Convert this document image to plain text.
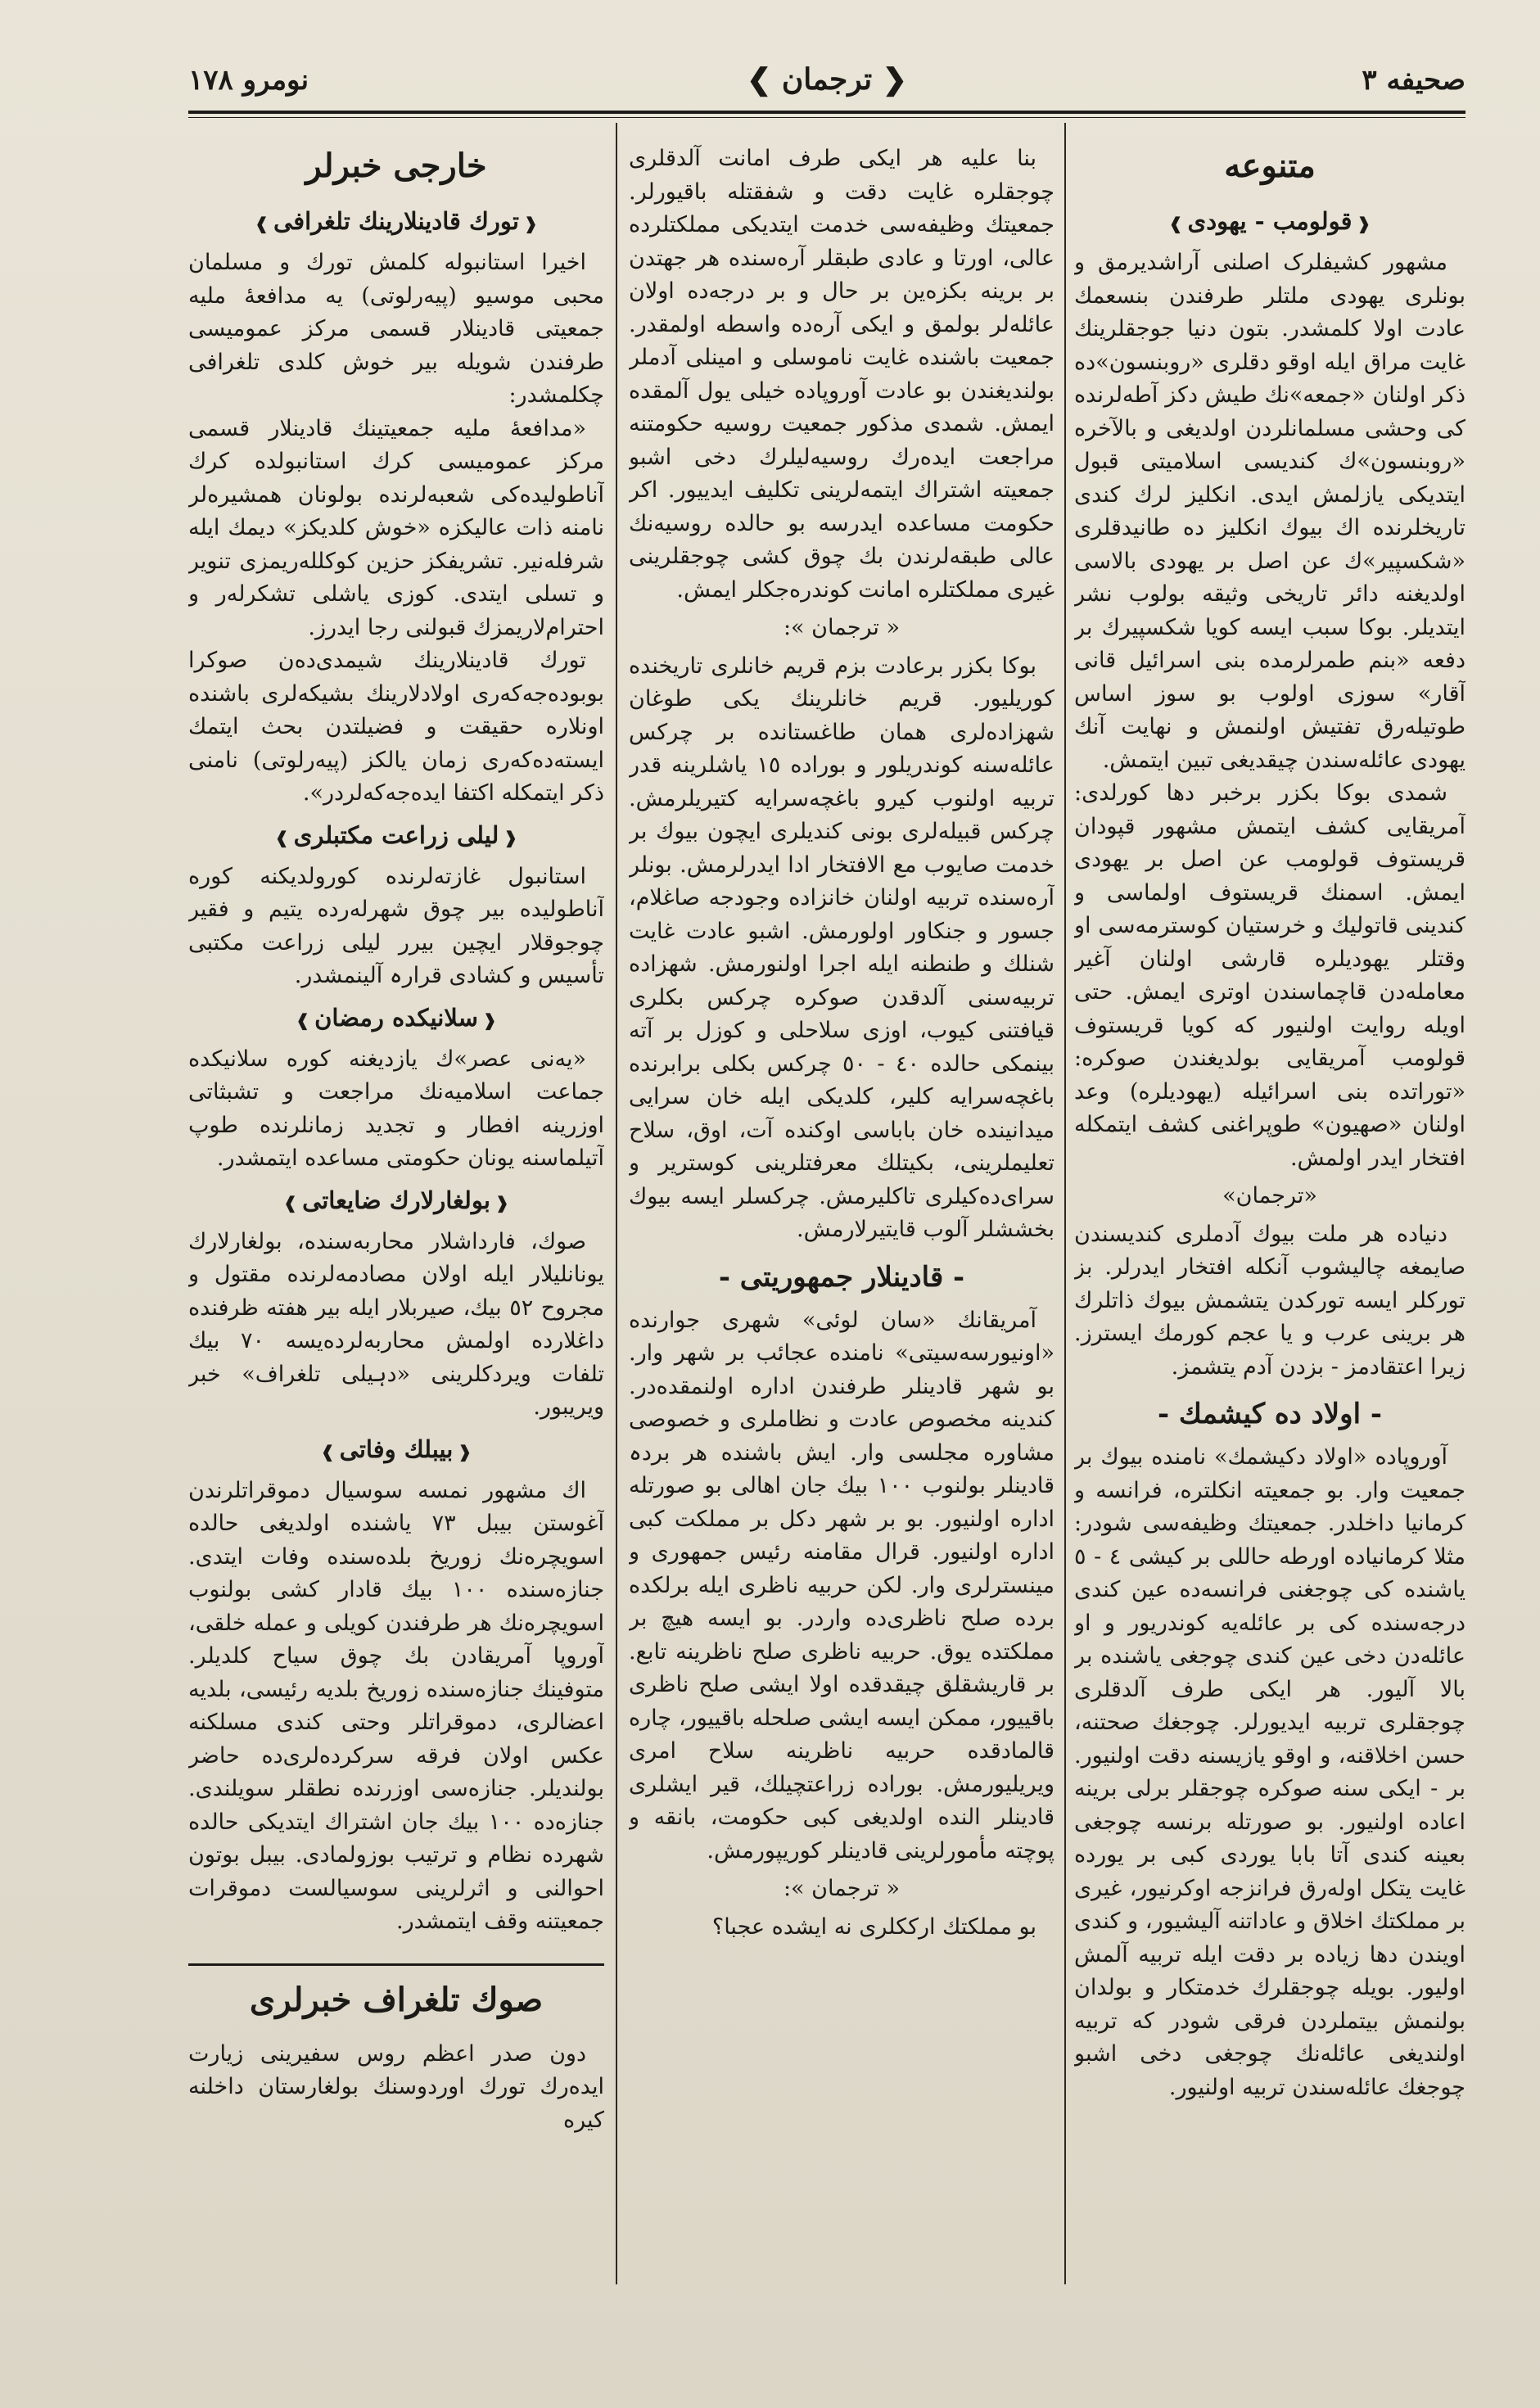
صحیفه ٣
❮ ترجمان ❯
نومرو ١٧٨
متنوعه
❰قولومب - یهودی❱

مشهور کشیفلرک اصلنی آراشدیرمق و بونلری یهودی ملتلر طرفندن بنسعمك عادت اولا کلمشدر. بتون دنیا جوجقلرینك غایت مراق ایله اوقو دقلری «روبنسون»ده ذکر اولنان «جمعه»نك طیش دکز آطه‌لرنده کی وحشی مسلمانلردن اولدیغی و بالآخره «روبنسون»ك کندیسی اسلامیتی قبول ایتدیکی یازلمش ایدی. انکلیز لرك کندی تاریخلرنده اك بیوك انکلیز ده طانیدقلری «شکسپیر»ك عن اصل بر یهودی بالاسی اولدیغنه دائر تاریخی وثیقه بولوب نشر ایتدیلر. بوکا سبب ایسه کویا شکسپیرك بر دفعه «بنم طمرلرمده بنی اسرائیل قانی آقار» سوزی اولوب بو سوز اساس طوتیله‌رق تفتیش اولنمش و نهایت آنك یهودی عائله‌سندن چیقدیغی تبین ایتمش.

شمدی بوکا بکزر برخبر دها کورلدی: آمریقایی کشف ایتمش مشهور قپودان قریستوف قولومب عن اصل بر یهودی ایمش. اسمنك قریستوف اولماسی و کندینی قاتولیك و خرستیان کوسترمه‌سی او وقتلر یهودیلره قارشی اولنان آغیر معامله‌دن قاچماسندن اوتری ایمش. حتی اویله روایت اولنیور که کویا قریستوف قولومب آمریقایی بولدیغندن صوکره: «توراتده بنی اسرائیله (یهودیلره) وعد اولنان «صهیون» طوپراغنی کشف ایتمکله افتخار ایدر اولمش.

«ترجمان»

دنیاده هر ملت بیوك آدملری کندیسندن صایمغه چالیشوب آنکله افتخار ایدرلر. بز تورکلر ایسه تورکدن یتشمش بیوك ذاتلرك هر برینی عرب و یا عجم کورمك ایسترز. زیرا اعتقادمز - بزدن آدم یتشمز.

- اولاد ده کیشمك -

آوروپاده «اولاد دکیشمك» نامنده بیوك بر جمعیت وار. بو جمعیته انکلتره، فرانسه و کرمانیا داخلدر. جمعیتك وظیفه‌سی شودر: مثلا کرمانیاده اورطه حاللی بر کیشی ٤ - ٥ یاشنده کی چوجغنی فرانسه‌ده عین کندی درجه‌سنده کی بر عائله‌یه کوندریور و او عائله‌دن دخی عین کندی چوجغی یاشنده بر بالا آلیور. هر ایکی طرف آلدقلری چوجقلری تربیه ایدیورلر. چوجغك صحتنه، حسن اخلاقنه، و اوقو یازیسنه دقت اولنیور. بر - ایکی سنه صوکره چوجقلر برلی برینه اعاده اولنیور. بو صورتله برنسه چوجغی بعینه کندی آتا بابا یوردی کبی بر یورده غایت یتکل اوله‌رق فرانزجه اوکرنیور، غیری بر مملکتك اخلاق و عاداتنه آلیشیور، و کندی اویندن دها زیاده بر دقت ایله تربیه آلمش اولیور. بویله چوجقلرك خدمتکار و بولدان بولنمش بیتملردن فرقی شودر که تربیه اولندیغی عائله‌نك چوجغی دخی اشبو چوجغك عائله‌سندن تربیه اولنیور.

بنا علیه هر ایکی طرف امانت آلدقلری چوجقلره غایت دقت و شفقتله باقیورلر. جمعیتك وظیفه‌سی خدمت ایتدیکی مملکتلرده عالی، اورتا و عادی طبقلر آره‌سنده هر جهتدن بر برینه بکزه‌ین بر حال و بر درجه‌ده اولان عائله‌لر بولمق و ایکی آره‌ده واسطه اولمقدر. جمعیت باشنده غایت ناموسلی و امینلی آدملر بولندیغندن بو عادت آوروپاده خیلی یول آلمقده ایمش. شمدی مذکور جمعیت روسیه حکومتنه مراجعت ایده‌رك روسیه‌لیلرك دخی اشبو جمعیته اشتراك ایتمه‌لرینی تکلیف ایدییور. اکر حکومت مساعده ایدرسه بو حالده روسیه‌نك عالی طبقه‌لرندن بك چوق کشی چوجقلرینی غیری مملکتلره امانت کوندره‌جکلر ایمش.

« ترجمان »:

بوکا بکزر برعادت بزم قریم خانلری تاریخنده کوریلیور. قریم خانلرینك یکی طوغان شهزاده‌لری همان طاغستانده بر چرکس عائله‌سنه کوندریلور و بوراده ١٥ یاشلرینه قدر تربیه اولنوب کیرو باغچه‌سرایه کتیریلرمش. چرکس قبیله‌لری بونی کندیلری ایچون بیوك بر خدمت صایوب مع الافتخار ادا ایدرلرمش. بونلر آره‌سنده تربیه اولنان خانزاده وجودجه صاغلام، جسور و جنکاور اولورمش. اشبو عادت غایت شنلك و طنطنه ایله اجرا اولنورمش. شهزاده تربیه‌سنی آلدقدن صوکره چرکس بکلری قیافتنی کیوب، اوزی سلاحلی و کوزل بر آته بینمکی حالده ٤٠ - ٥٠ چرکس بکلی برابرنده باغچه‌سرایه کلیر، کلدیکی ایله خان سرایی میدانینده خان باباسی اوکنده آت، اوق، سلاح تعلیملرینی، بکیتلك معرفتلرینی کوستریر و سرای‌ده‌کیلری تاکلیرمش. چرکسلر ایسه بیوك بخششلر آلوب قایتیرلارمش.

- قادینلار جمهوریتی -

آمریقانك «سان لوئی» شهری جوارنده «اونیورسه‌سیتی» نامنده عجائب بر شهر وار. بو شهر قادینلر طرفندن اداره اولنمقده‌در. کندینه مخصوص عادت و نظاملری و خصوصی مشاوره مجلسی وار. ایش باشنده هر بردہ قادینلر بولنوب ١٠٠ بیك جان اهالی بو صورتله اداره اولنیور. بو بر شهر دکل بر مملکت کبی اداره اولنیور. قرال مقامنه رئیس جمهوری و مینسترلری وار. لکن حربیه ناظری ایله برلکده برده صلح ناظری‌ده واردر. بو ایسه هیچ بر مملکتده یوق. حربیه ناظری صلح ناظرینه تابع. بر قاریشقلق چیقدقده اولا ایشی صلح ناظری باقییور، ممکن ایسه ایشی صلحله باقییور، چاره قالمادقده حربیه ناظرینه سلاح امری ویریلیورمش. بوراده زراعتچیلك، قیر ایشلری قادینلر النده اولدیغی کبی حکومت، بانقه و پوچته مأمورلرینی قادینلر کوریپورمش.

« ترجمان »:

بو مملکتك ارککلری نه ایشده عجبا؟

خارجی خبرلر
❰تورك قادینلارینك تلغرافی❱

اخیرا استانبوله کلمش تورك و مسلمان محبی موسیو (پیه‌رلوتی) یه مدافعهٔ ملیه جمعیتی قادینلار قسمی مرکز عمومیسی طرفندن شویله بیر خوش کلدی تلغرافی چکلمشدر:

«مدافعهٔ ملیه جمعیتینك قادینلار قسمی مرکز عمومیسی کرك استانبولده کرك آناطولیده‌کی شعبه‌لرنده بولونان همشیره‌لر نامنه ذات عالیکزه «خوش کلدیکز» دیمك ایله شرفله‌نیر. تشریفکز حزین کوکلله‌ریمزی تنویر و تسلی ایتدی. کوزی یاشلی تشکرله‌ر و احترام‌لاریمزك قبولنی رجا ایدرز.

تورك قادینلارینك شیمدی‌ده‌ن صوکرا بوبوده‌جه‌که‌ری اولادلارینك بشیکه‌لری باشنده اونلاره حقیقت و فضیلتدن بحث ایتمك ایسته‌ده‌که‌ری زمان یالکز (پیه‌رلوتی) نامنی ذکر ایتمکله اکتفا ایده‌جه‌که‌لردر».

❰لیلی زراعت مکتبلری❱

استانبول غازته‌لرنده کورولدیکنه کوره آناطولیده بیر چوق شهرله‌رده یتیم و فقیر چوجوقلار ایچین بیرر لیلی زراعت مکتبی تأسیس و کشادی قرارہ آلینمشدر.

❰سلانیکده رمضان❱

«یه‌نی عصر»ك یازدیغنه کوره سلانیکده جماعت اسلامیه‌نك مراجعت و تشبثاتی اوزرینه افطار و تجدید زمانلرنده طوپ آتیلماسنه یونان حکومتی مساعده ایتمشدر.

❰بولغارلارك ضایعاتی❱

صوك، فارداشلار محاربه‌سنده، بولغارلارك یونانلیلار ایله اولان مصادمه‌لرنده مقتول و مجروح ٥٢ بیك، صیربلار ایله بیر هفته ظرفنده داغلارده اولمش محاربه‌لرده‌یسه ٧٠ بیك تلفات ویردکلرینی «دہیلی تلغراف» خبر ویریبور.

❰بیبلك وفاتی❱

اك مشهور نمسه سوسیال دموقراتلرندن آغوستن بیبل ٧٣ یاشنده اولدیغی حالده اسویچره‌نك زوریخ بلده‌سنده وفات ایتدی. جنازه‌سنده ١٠٠ بیك قادار کشی بولنوب اسویچره‌نك هر طرفندن کویلی و عمله خلقی، آوروپا آمریقادن بك چوق سیاح کلدیلر. متوفینك جنازه‌سنده زوریخ بلدیه رئیسی، بلدیه اعضالری، دموقراتلر وحتی کندی مسلکنه عکس اولان فرقه سرکرده‌لری‌ده حاضر بولندیلر. جنازه‌سی اوزرنده نطقلر سویلندی. جنازه‌ده ١٠٠ بیك جان اشتراك ایتدیکی حالده شهرده نظام و ترتیب بوزولمادی. بیبل بوتون احوالنی و اثرلرینی سوسیالست دموقرات جمعیتنه وقف ایتمشدر.

صوك تلغراف خبرلری

دون صدر اعظم روس سفیرینی زیارت ایده‌رك تورك اوردوسنك بولغارستان داخلنه کیره
